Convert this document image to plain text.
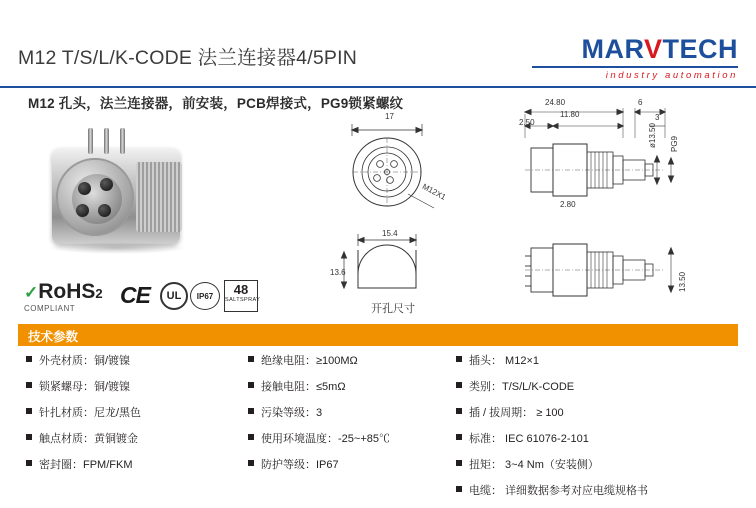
M12 T/S/L/K-CODE 法兰连接器4/5PIN	MARVTECH
industry automation
M12 孔头，法兰连接器，前安装，PCB焊接式，PG9锁紧螺纹
✓RoHS2
COMPLIANT
CE	UL	IP67	48
SALTSPRAY
17
M12X1
15.4
13.6
开孔尺寸
24.80	6
2.50
11.80	3
ø13.50 PG9
2.80
13.50
技术参数
外壳材质：铜/镀镍
锁紧螺母：铜/镀镍
针扎材质：尼龙/黑色
触点材质：黄铜镀金
密封圈：FPM/FKM
绝缘电阻：≥100MΩ
接触电阻：≤5mΩ
污染等级：3
使用环境温度：-25~+85℃
防护等级：IP67
插头： M12×1
类别：T/S/L/K-CODE
插 / 拔周期： ≥ 100
标准： IEC 61076-2-101
扭矩： 3~4 Nm（安装侧）
电缆： 详细数据参考对应电缆规格书
